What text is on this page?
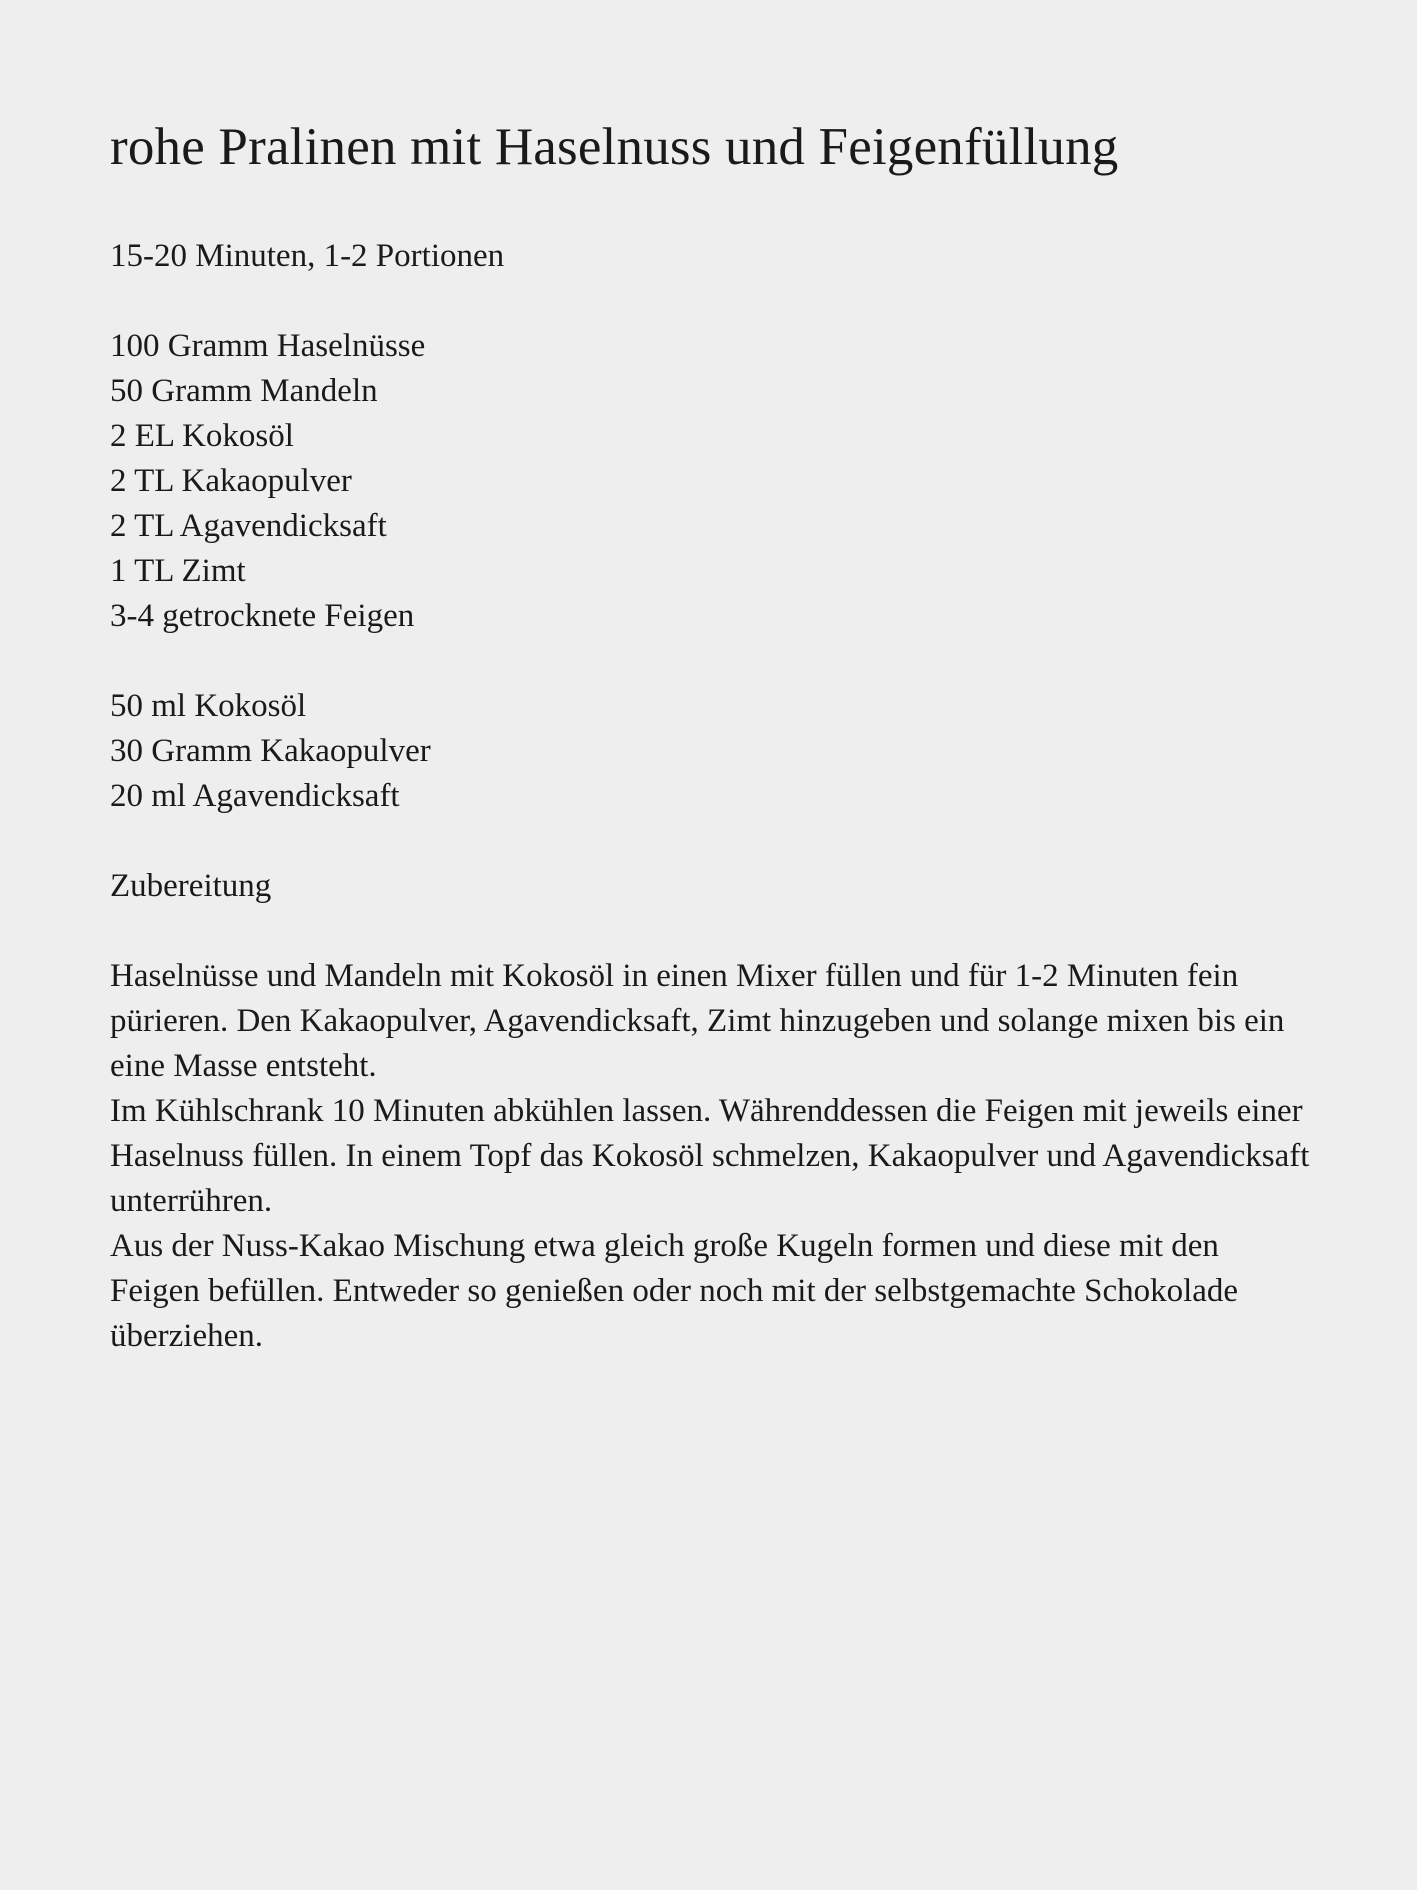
rohe Pralinen mit Haselnuss und Feigenfüllung
15-20 Minuten, 1-2 Portionen
100 Gramm Haselnüsse
50 Gramm Mandeln
2 EL Kokosöl
2 TL Kakaopulver
2 TL Agavendicksaft
1 TL Zimt
3-4 getrocknete Feigen
50 ml Kokosöl
30 Gramm Kakaopulver
20 ml Agavendicksaft
Zubereitung

Haselnüsse und Mandeln mit Kokosöl in einen Mixer füllen und für 1-2 Minuten fein pürieren. Den Kakaopulver, Agavendicksaft, Zimt hinzugeben und solange mixen bis ein eine Masse entsteht.

Im Kühlschrank 10 Minuten abkühlen lassen. Währenddessen die Feigen mit jeweils einer Haselnuss füllen. In einem Topf das Kokosöl schmelzen, Kakaopulver und Agavendicksaft unterrühren.

Aus der Nuss-Kakao Mischung etwa gleich große Kugeln formen und diese mit den Feigen befüllen. Entweder so genießen oder noch mit der selbstgemachte Schokolade überziehen.
